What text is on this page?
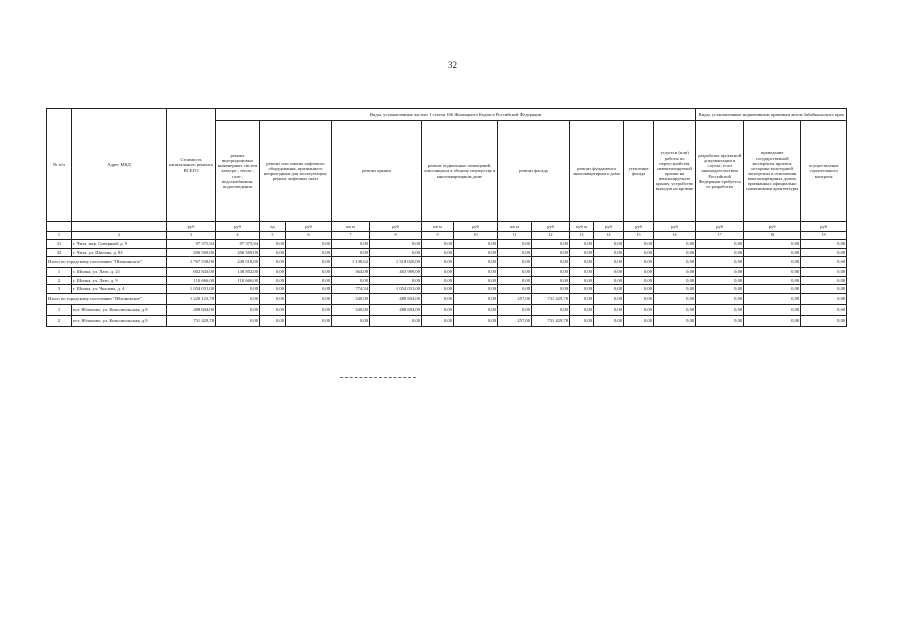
32
№ п/п	Адрес МКД	Стоимость капитального ремонта ВСЕГО	Виды, установленные частью 1 статьи 166 Жилищного Кодекса Российской Федерации													Виды, установленные нормативным правовым актом Забайкальского края		
			ремонт внутридомовых инженерных систем электро-, тепло-, газо-, водоснабжения, водоотведения	ремонт или замена лифтового оборудования, признанного непригодным для эксплуатации, ремонт лифтовых шахт		ремонт крыши		ремонт подвальных помещений, относящихся к общему имуществу в многоквартирном доме		ремонт фасада		ремонт фундамента многоквартирного дома		утепление фасада	услуги и (или) работы по переустройству невентилируемой крыши на вентилируемую крышу, устройство выходов на кровлю	разработка проектной документации в случае, если законодательством Российской Федерации требуется ее разработка	проведение государственной экспертизы проекта, историко-культурной экспертизы в отношении многоквартирных домов, признанных официально памятниками архитектуры	осуществление строительного контроля
		руб	руб	ед	руб	кв м	руб	кв м	руб	кв м	руб	куб м	руб	руб	руб	руб	руб	руб
1	2	3	4	5	6	7	8	9	10	11	12	13	14	15	16	17	18	19
31	г. Чита, мкр. Северный, д. 9	97 375,94	97 375,94	0,00	0,00	0,00	0,00	0,00	0,00	0,00	0,00	0,00	0,00	0,00	0,00	0,00	0,00	0,00
32	г. Чита, ул. Шилова, д. 83	206 569,00	206 569,00	0,00	0,00	0,00	0,00	0,00	0,00	0,00	0,00	0,00	0,00	0,00	0,00	0,00	0,00	0,00
Итого по городскому поселению "Шилкинское"		1 767 538,00	249 518,00	0,00	0,00	1 138,62	1 518 020,00	0,00	0,00	0,00	0,00	0,00	0,00	0,00	0,00	0,00	0,00	0,00
1	г. Шилка, ул. Лазо, д. 21	602 843,00	138 852,00	0,00	0,00	364,08	463 989,00	0,00	0,00	0,00	0,00	0,00	0,00	0,00	0,00	0,00	0,00	0,00
2	г. Шилка, ул. Лазо, д. 9	110 666,00	110 666,00	0,00	0,00	0,00	0,00	0,00	0,00	0,00	0,00	0,00	0,00	0,00	0,00	0,00	0,00	0,00
3	г. Шилка, ул. Чкалова, д. 4	1 054 031,00	0,00	0,00	0,00	774,54	1 054 031,00	0,00	0,00	0,00	0,00	0,00	0,00	0,00	0,00	0,00	0,00	0,00
Итого по городскому поселению "Яблоновское"		1 220 123,78	0,00	0,00	0,00	340,00	488 694,00	0,00	0,00	257,00	731 429,78	0,00	0,00	0,00	0,00	0,00	0,00	0,00
1	пгт. Яблоново, ул. Комсомольская, д.9	488 694,00	0,00	0,00	0,00	340,00	488 694,00	0,00	0,00	0,00	0,00	0,00	0,00	0,00	0,00	0,00	0,00	0,00
2	пгт. Яблоново, ул. Комсомольская, д.9	731 429,78	0,00	0,00	0,00	0,00	0,00	0,00	0,00	257,00	731 429,78	0,00	0,00	0,00	0,00	0,00	0,00	0,00
